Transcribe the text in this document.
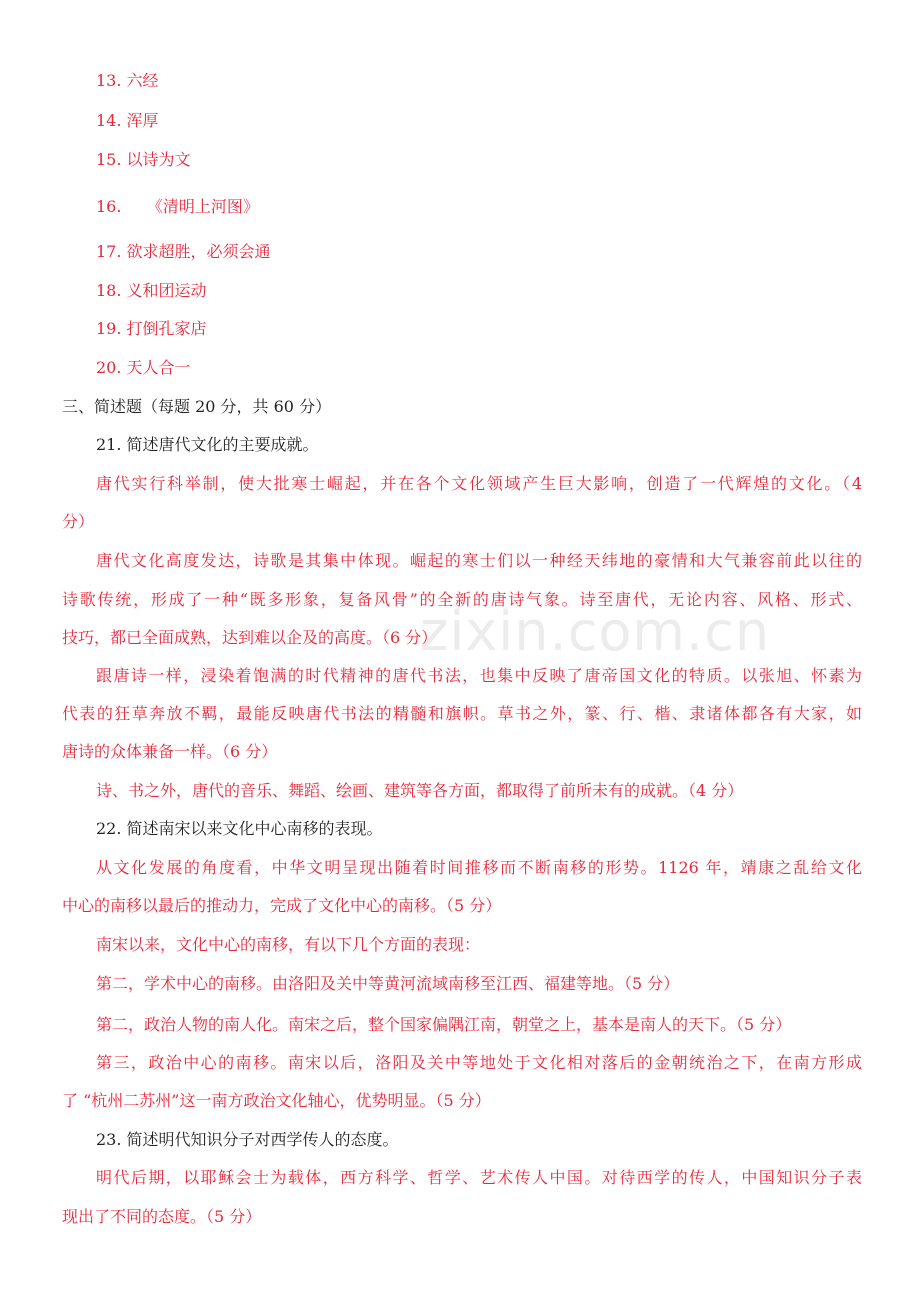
zixin.com.cn
13. 六经
14. 浑厚
15. 以诗为文
16.     《清明上河图》
17. 欲求超胜，必须会通
18. 义和团运动
19. 打倒孔家店
20. 天人合一
三、简述题（每题 20 分，共 60 分）
21. 简述唐代文化的主要成就。
唐代实行科举制，使大批寒士崛起，并在各个文化领域产生巨大影响，创造了一代辉煌的文化。（4
分）
唐代文化高度发达，诗歌是其集中体现。崛起的寒士们以一种经天纬地的豪情和大气兼容前此以往的
诗歌传统，形成了一种“既多形象，复备风骨”的全新的唐诗气象。诗至唐代，无论内容、风格、形式、
技巧，都已全面成熟，达到难以企及的高度。（6 分）
跟唐诗一样，浸染着饱满的时代精神的唐代书法，也集中反映了唐帝国文化的特质。以张旭、怀素为
代表的狂草奔放不羁，最能反映唐代书法的精髓和旗帜。草书之外，篆、行、楷、隶诸体都各有大家，如
唐诗的众体兼备一样。（6 分）
诗、书之外，唐代的音乐、舞蹈、绘画、建筑等各方面，都取得了前所未有的成就。（4 分）
22. 简述南宋以来文化中心南移的表现。
从文化发展的角度看，中华文明呈现出随着时间推移而不断南移的形势。1126 年，靖康之乱给文化
中心的南移以最后的推动力，完成了文化中心的南移。（5 分）
南宋以来，文化中心的南移，有以下几个方面的表现：
第二，学术中心的南移。由洛阳及关中等黄河流域南移至江西、福建等地。（5 分）
第二，政治人物的南人化。南宋之后，整个国家偏隅江南，朝堂之上，基本是南人的天下。（5 分）
第三，政治中心的南移。南宋以后，洛阳及关中等地处于文化相对落后的金朝统治之下，在南方形成
了 “杭州二苏州”这一南方政治文化轴心，优势明显。（5 分）
23. 简述明代知识分子对西学传人的态度。
明代后期，以耶稣会士为载体，西方科学、哲学、艺术传人中国。对待西学的传人，中国知识分子表
现出了不同的态度。（5 分）
